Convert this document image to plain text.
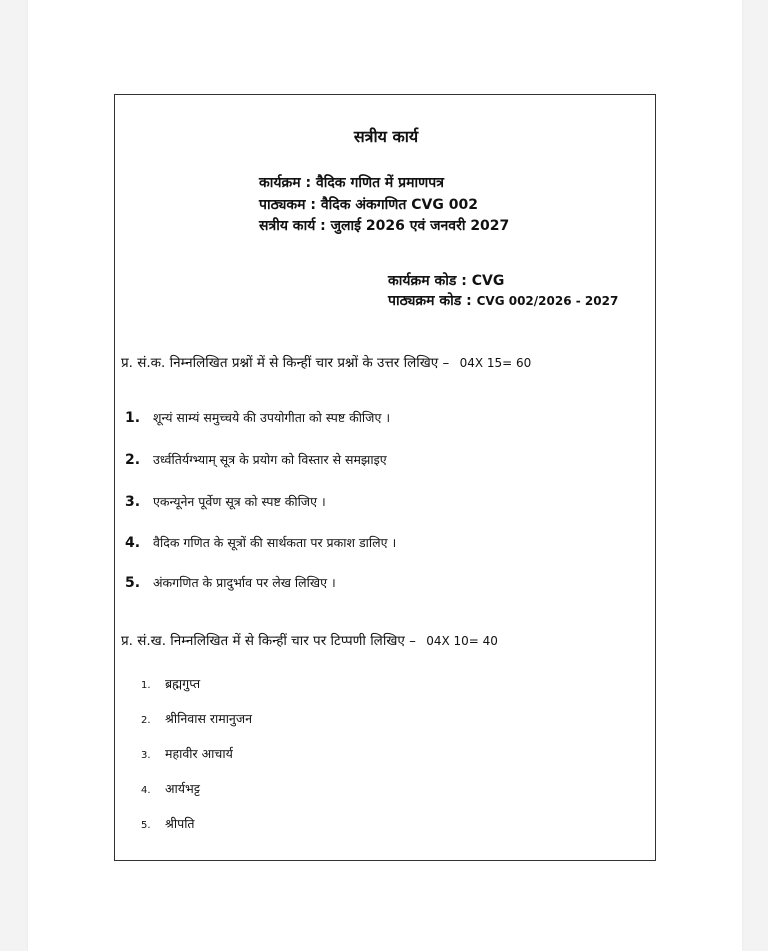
सत्रीय कार्य
कार्यक्रम : वैदिक गणित में प्रमाणपत्र
पाठ्यकम : वैदिक अंकगणित CVG 002
सत्रीय कार्य : जुलाई 2026 एवं जनवरी 2027
कार्यक्रम कोड : CVG
पाठ्यक्रम कोड : CVG 002/2026 - 2027
प्र. सं.क. निम्नलिखित प्रश्नों में से किन्हीं चार प्रश्नों के उत्तर लिखिए – 04X 15= 60
1. शून्यं साम्यं समुच्चये की उपयोगीता को स्पष्ट कीजिए ।
2. उर्ध्वतिर्यग्भ्याम् सूत्र के प्रयोग को विस्तार से समझाइए
3. एकन्यूनेन पूर्वेण सूत्र को स्पष्ट कीजिए ।
4. वैदिक गणित के सूत्रों की सार्थकता पर प्रकाश डालिए ।
5. अंकगणित के प्रादुर्भाव पर लेख लिखिए ।
प्र. सं.ख. निम्नलिखित में से किन्हीं चार पर टिप्पणी लिखिए – 04X 10= 40
1. ब्रह्मगुप्त
2. श्रीनिवास रामानुजन
3. महावीर आचार्य
4. आर्यभट्ट
5. श्रीपति
